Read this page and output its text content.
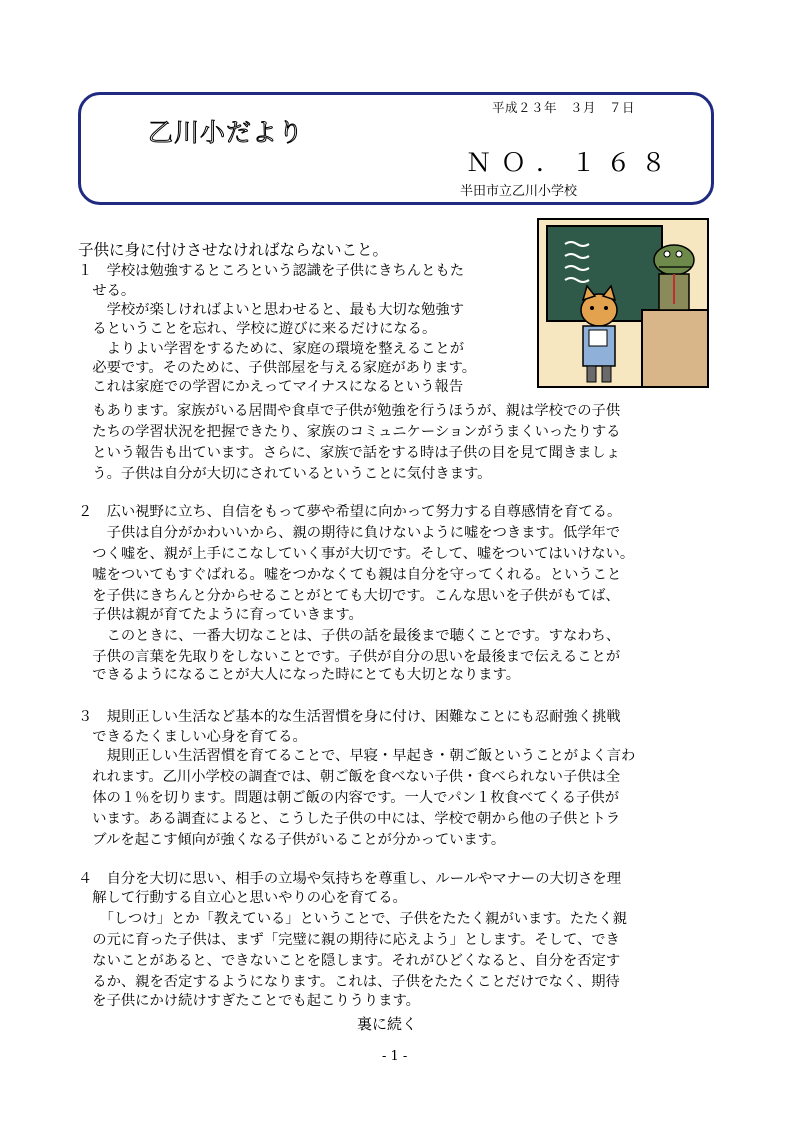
平成２３年　３月　７日
乙川小だより
ＮＯ．１６８
半田市立乙川小学校
子供に身に付けさせなければならないこと。
１　学校は勉強するところという認識を子供にきちんともた
　せる。
　　学校が楽しければよいと思わせると、最も大切な勉強す
　るということを忘れ、学校に遊びに来るだけになる。
　　よりよい学習をするために、家庭の環境を整えることが
　必要です。そのために、子供部屋を与える家庭があります。
　これは家庭での学習にかえってマイナスになるという報告
　もあります。家族がいる居間や食卓で子供が勉強を行うほうが、親は学校での子供
　たちの学習状況を把握できたり、家族のコミュニケーションがうまくいったりする
　という報告も出ています。さらに、家族で話をする時は子供の目を見て聞きましょ
　う。子供は自分が大切にされているということに気付きます。
２　広い視野に立ち、自信をもって夢や希望に向かって努力する自尊感情を育てる。
　　子供は自分がかわいいから、親の期待に負けないように嘘をつきます。低学年で
　つく嘘を、親が上手にこなしていく事が大切です。そして、嘘をついてはいけない。
　嘘をついてもすぐばれる。嘘をつかなくても親は自分を守ってくれる。ということ
　を子供にきちんと分からせることがとても大切です。こんな思いを子供がもてば、
　子供は親が育てたように育っていきます。
　　このときに、一番大切なことは、子供の話を最後まで聴くことです。すなわち、
　子供の言葉を先取りをしないことです。子供が自分の思いを最後まで伝えることが
　できるようになることが大人になった時にとても大切となります。
３　規則正しい生活など基本的な生活習慣を身に付け、困難なことにも忍耐強く挑戦
　できるたくましい心身を育てる。
　　規則正しい生活習慣を育てることで、早寝・早起き・朝ご飯ということがよく言わ
　れれます。乙川小学校の調査では、朝ご飯を食べない子供・食べられない子供は全
　体の１％を切ります。問題は朝ご飯の内容です。一人でパン１枚食べてくる子供が
　います。ある調査によると、こうした子供の中には、学校で朝から他の子供とトラ
　ブルを起こす傾向が強くなる子供がいることが分かっています。
４　自分を大切に思い、相手の立場や気持ちを尊重し、ルールやマナーの大切さを理
　解して行動する自立心と思いやりの心を育てる。
　　「しつけ」とか「教えている」ということで、子供をたたく親がいます。たたく親
　の元に育った子供は、まず「完璧に親の期待に応えよう」とします。そして、でき
　ないことがあると、できないことを隠します。それがひどくなると、自分を否定す
　るか、親を否定するようになります。これは、子供をたたくことだけでなく、期待
　を子供にかけ続けすぎたことでも起こりうります。
裏に続く
- 1 -
